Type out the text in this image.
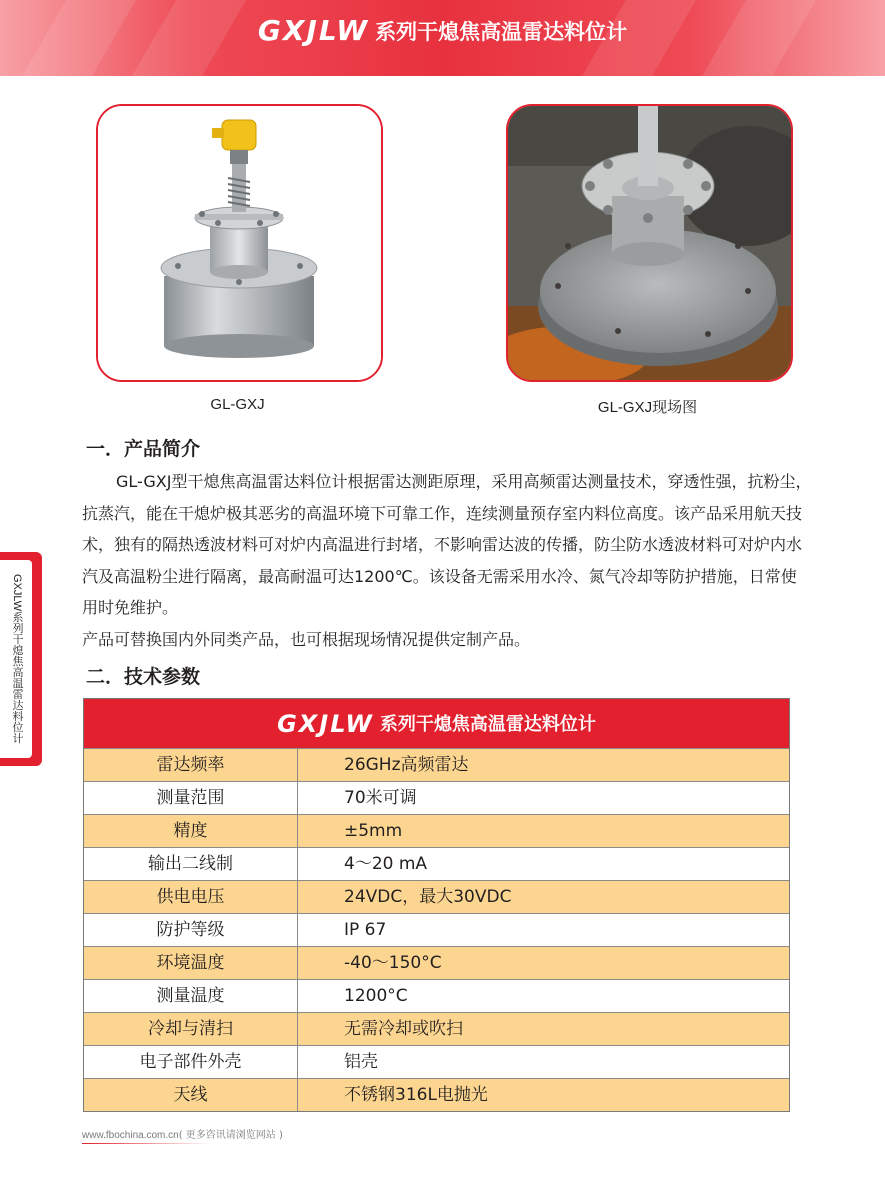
GXJLW 系列干熄焦高温雷达料位计
GXJLW系列干熄焦高温雷达料位计
GL-GXJ	GL-GXJ现场图
一．产品简介

GL-GXJ型干熄焦高温雷达料位计根据雷达测距原理，采用高频雷达测量技术，穿透性强，抗粉尘，抗蒸汽，能在干熄炉极其恶劣的高温环境下可靠工作，连续测量预存室内料位高度。该产品采用航天技术，独有的隔热透波材料可对炉内高温进行封堵，不影响雷达波的传播，防尘防水透波材料可对炉内水汽及高温粉尘进行隔离，最高耐温可达1200℃。该设备无需采用水冷、氮气冷却等防护措施，日常使用时免维护。

产品可替换国内外同类产品，也可根据现场情况提供定制产品。

二．技术参数
GXJLW 系列干熄焦高温雷达料位计
雷达频率	26GHz高频雷达
测量范围	70米可调
精度	±5mm
输出二线制	4～20 mA
供电电压	24VDC，最大30VDC
防护等级	IP 67
环境温度	-40～150°C
测量温度	1200°C
冷却与清扫	无需冷却或吹扫
电子部件外壳	铝壳
天线	不锈钢316L电抛光
www.fbochina.com.cn( 更多咨讯请浏览网站 )
